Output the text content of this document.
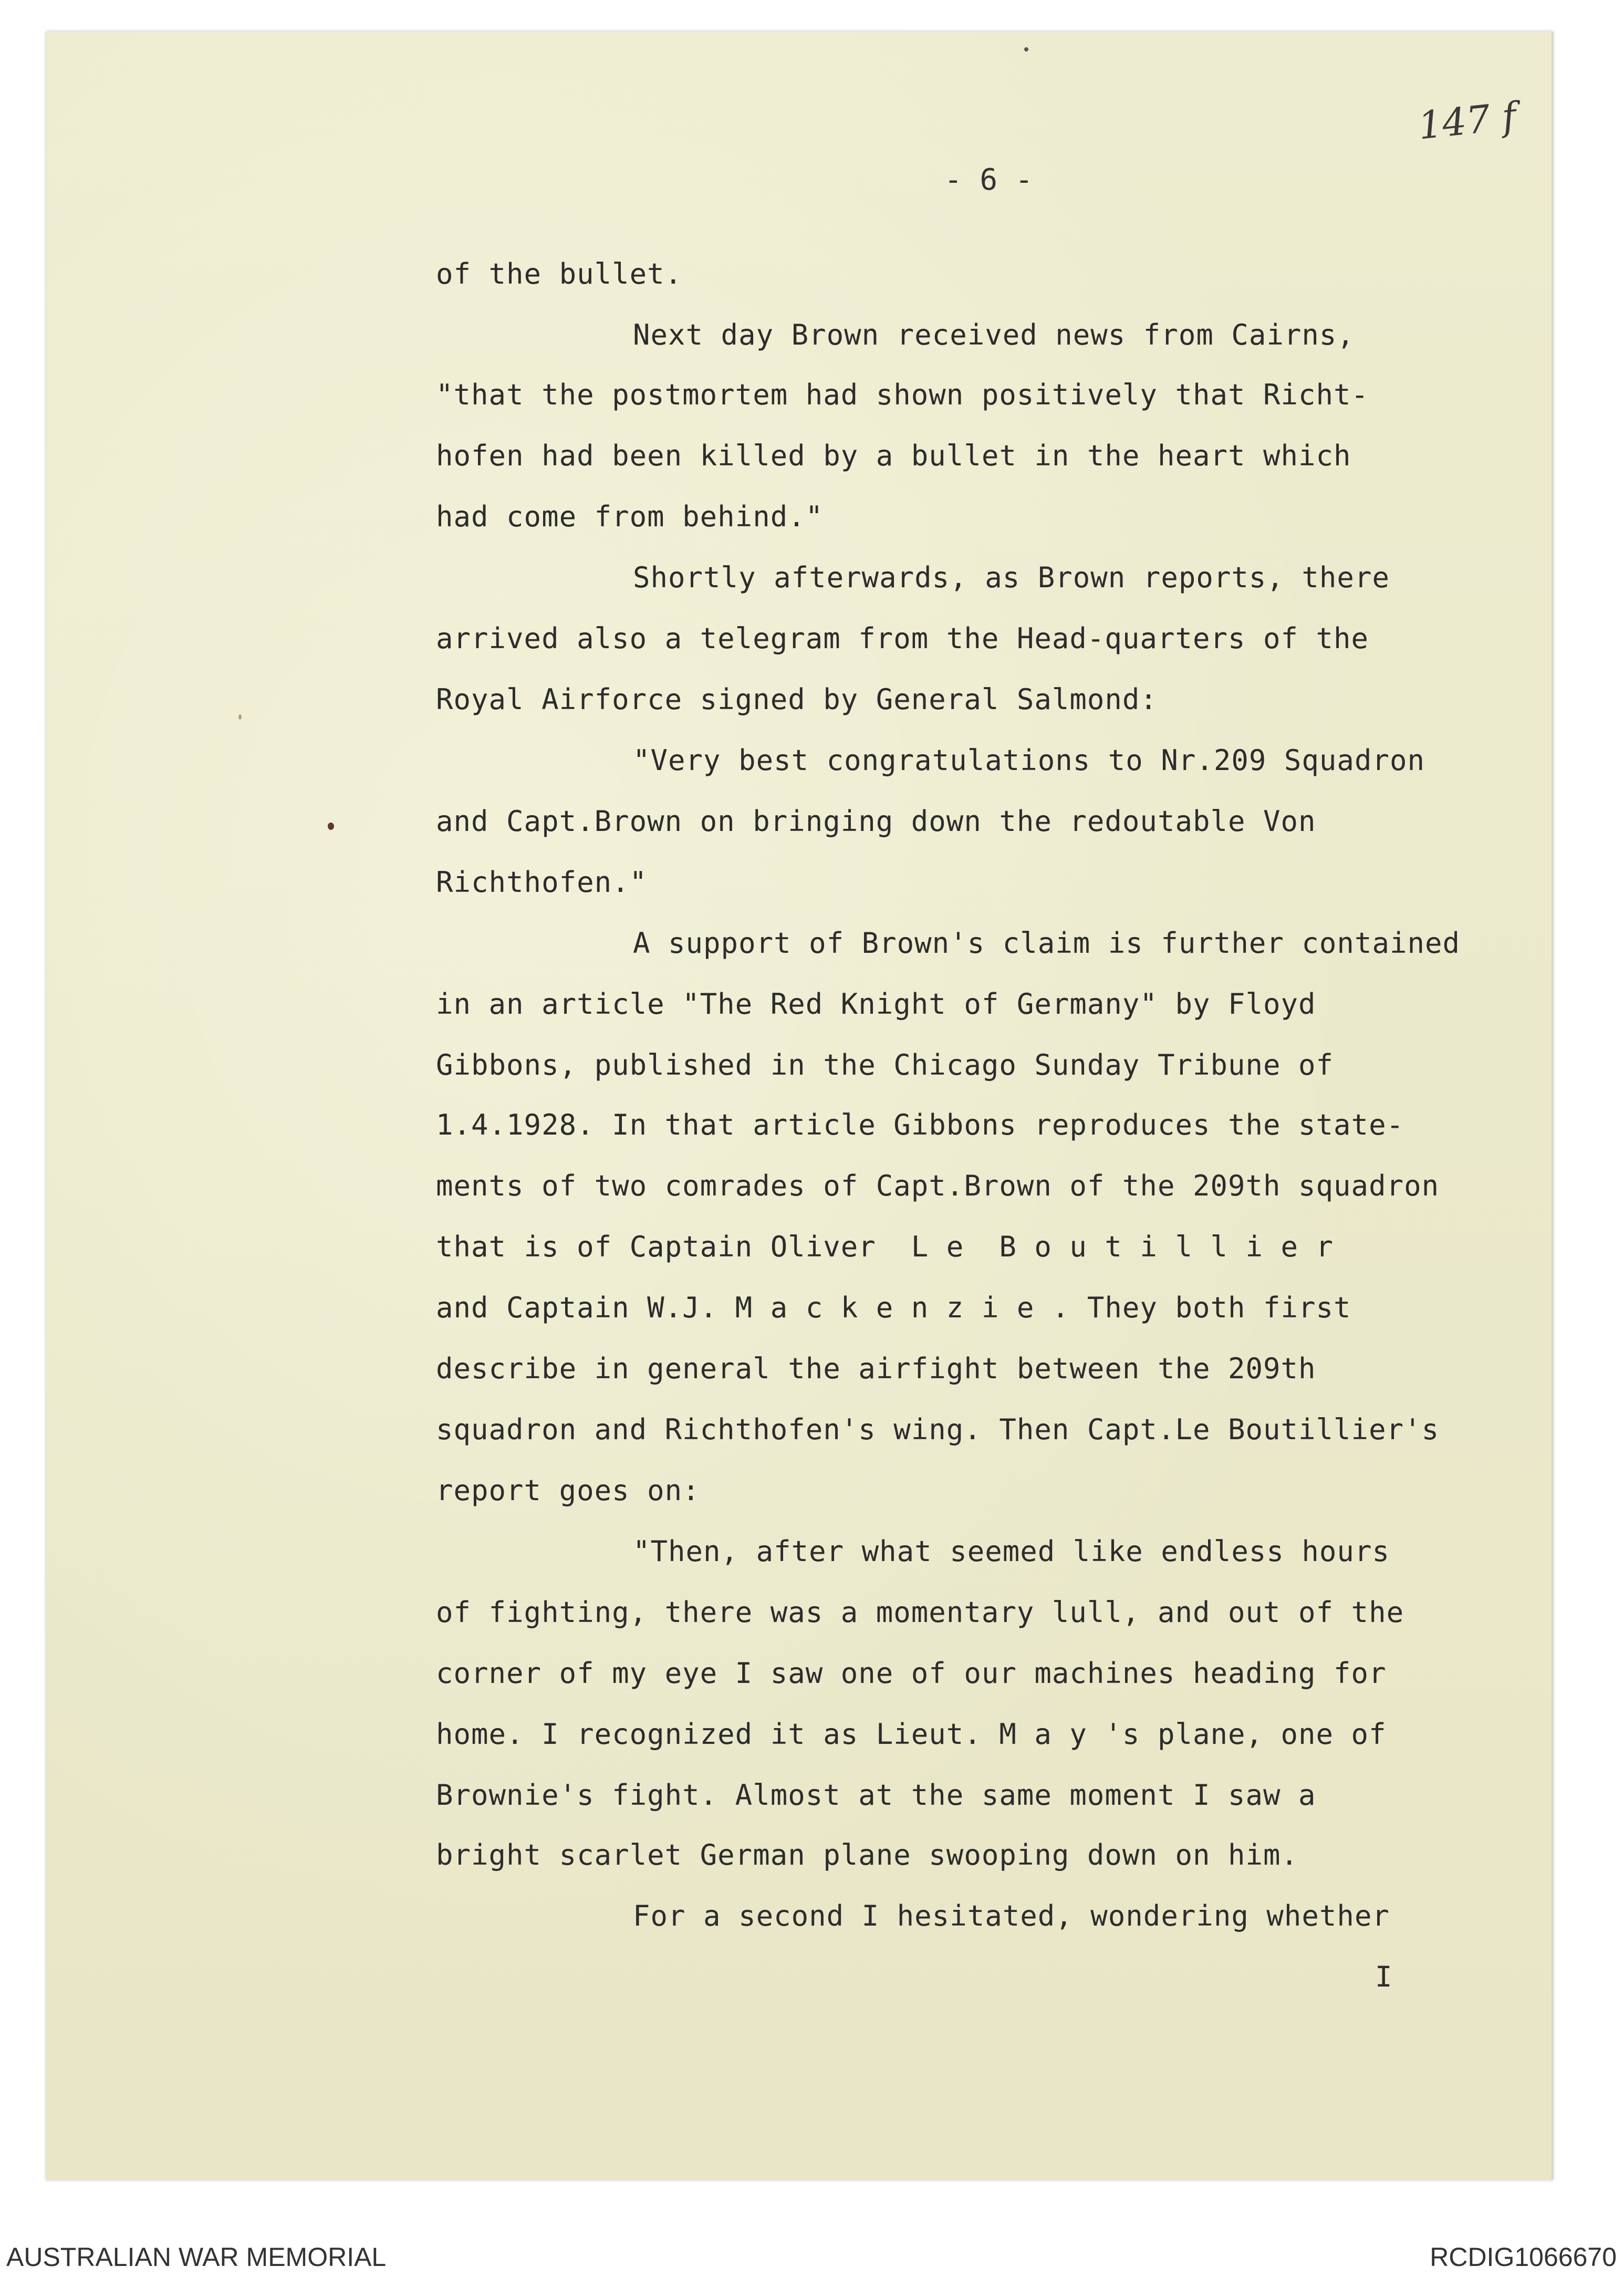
147 f
- 6 -
of the bullet.
Next day Brown received news from Cairns,
"that the postmortem had shown positively that Richt-
hofen had been killed by a bullet in the heart which
had come from behind."
Shortly afterwards, as Brown reports, there
arrived also a telegram from the Head-quarters of the
Royal Airforce signed by General Salmond:
"Very best congratulations to Nr.209 Squadron
and Capt.Brown on bringing down the redoutable Von
Richthofen."
A support of Brown's claim is further contained
in an article "The Red Knight of Germany" by Floyd
Gibbons, published in the Chicago Sunday Tribune of
1.4.1928. In that article Gibbons reproduces the state-
ments of two comrades of Capt.Brown of the 209th squadron
that is of Captain Oliver  L e  B o u t i l l i e r
and Captain W.J. M a c k e n z i e . They both first
describe in general the airfight between the 209th
squadron and Richthofen's wing. Then Capt.Le Boutillier's
report goes on:
"Then, after what seemed like endless hours
of fighting, there was a momentary lull, and out of the
corner of my eye I saw one of our machines heading for
home. I recognized it as Lieut. M a y 's plane, one of
Brownie's fight. Almost at the same moment I saw a
bright scarlet German plane swooping down on him.
For a second I hesitated, wondering whether
I
AUSTRALIAN WAR MEMORIAL	RCDIG1066670
